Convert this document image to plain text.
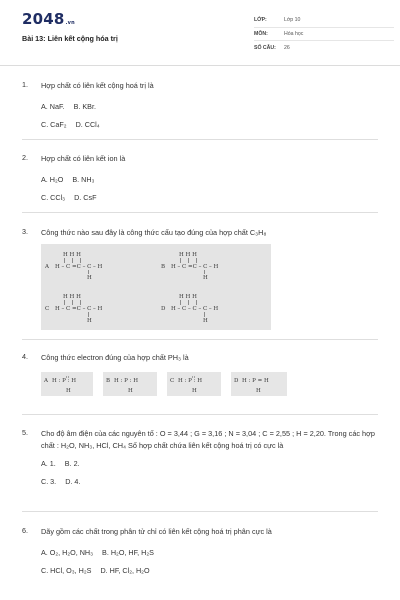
2048.vn
Bài 13: Liên kết cộng hóa trị
LỚP:	Lớp 10
MÔN:	Hóa học
SỐ CÂU:	26
1.	Hợp chất có liên kết cộng hoá trị là
A. NaF. B. KBr.
C. CaF₂ D. CCl₄
2.	Hợp chất có liên kết ion là
A. H₂O B. NH₃
C. CCl₃ D. CsF
3.	Công thức nào sau đây là công thức cấu tạo đúng của hợp chất C₃H₈
A H – C =C – C – H
H H H
H
B H – C =C – C – H
H H H
H
C H – C =C – C – H
H H H
H
D H – C – C – C – H
H H H
H
4.	Công thức electron đúng của hợp chất PH₃ là
A H : P : H
H
B H : P : H
H
C H : P : H
H
D H : P = H
H
5.	Cho độ âm điện của các nguyên tố : O = 3,44 ; G = 3,16 ; N = 3,04 ; C = 2,55 ; H = 2,20. Trong các hợp chất : H₂O, NH₃, HCl, CH₄ Số hợp chất chứa liên kết cộng hoá trị có cực là
A. 1. B. 2.
C. 3. D. 4.
6.	Dãy gồm các chất trong phân tử chỉ có liên kết cộng hoá trị phân cực là
A. O₂, H₂O, NH₃ B. H₂O, HF, H₂S
C. HCl, O₃, H₂S D. HF, Cl₂, H₂O
